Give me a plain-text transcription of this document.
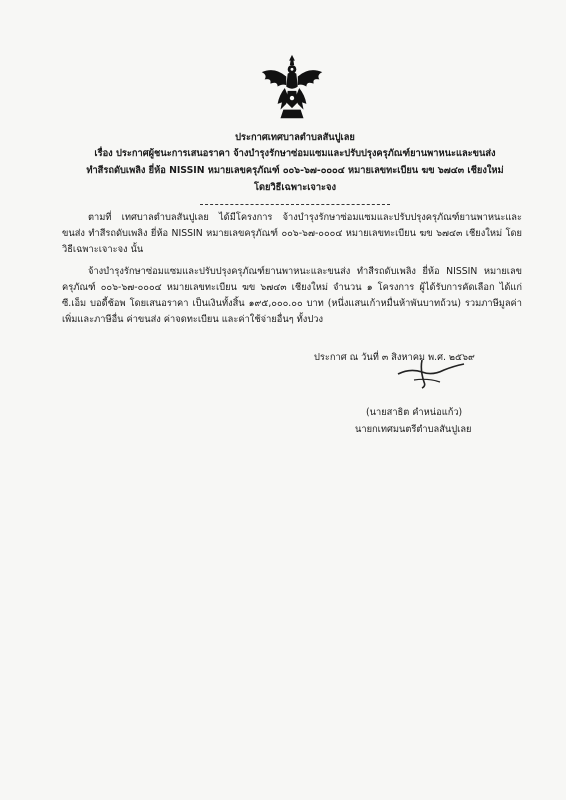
ประกาศเทศบาลตำบลสันปูเลย
เรื่อง ประกาศผู้ชนะการเสนอราคา จ้างบำรุงรักษาซ่อมแซมและปรับปรุงครุภัณฑ์ยานพาหนะและขนส่ง
ทำสีรถดับเพลิง ยี่ห้อ NISSIN หมายเลขครุภัณฑ์ ๐๐๖-๖๗-๐๐๐๔ หมายเลขทะเบียน ฆข ๖๗๔๓ เชียงใหม่
โดยวิธีเฉพาะเจาะจง

ตามที่ เทศบาลตำบลสันปูเลย ได้มีโครงการ จ้างบำรุงรักษาซ่อมแซมและปรับปรุงครุภัณฑ์ยานพาหนะและขนส่ง ทำสีรถดับเพลิง ยี่ห้อ NISSIN หมายเลขครุภัณฑ์ ๐๐๖-๖๗-๐๐๐๔ หมายเลขทะเบียน ฆข ๖๗๔๓ เชียงใหม่ โดยวิธีเฉพาะเจาะจง นั้น

จ้างบำรุงรักษาซ่อมแซมและปรับปรุงครุภัณฑ์ยานพาหนะและขนส่ง ทำสีรถดับเพลิง ยี่ห้อ NISSIN หมายเลขครุภัณฑ์ ๐๐๖-๖๗-๐๐๐๔ หมายเลขทะเบียน ฆข ๖๗๔๓ เชียงใหม่ จำนวน ๑ โครงการ ผู้ได้รับการคัดเลือก ได้แก่ ซี.เอ็ม บอดี้ช้อพ โดยเสนอราคา เป็นเงินทั้งสิ้น ๑๙๕,๐๐๐.๐๐ บาท (หนึ่งแสนเก้าหมื่นห้าพันบาทถ้วน) รวมภาษีมูลค่าเพิ่มและภาษีอื่น ค่าขนส่ง ค่าจดทะเบียน และค่าใช้จ่ายอื่นๆ ทั้งปวง

ประกาศ ณ วันที่ ๓ สิงหาคม พ.ศ. ๒๕๖๙
(นายสาธิต คำหน่อแก้ว)
นายกเทศมนตรีตำบลสันปูเลย
